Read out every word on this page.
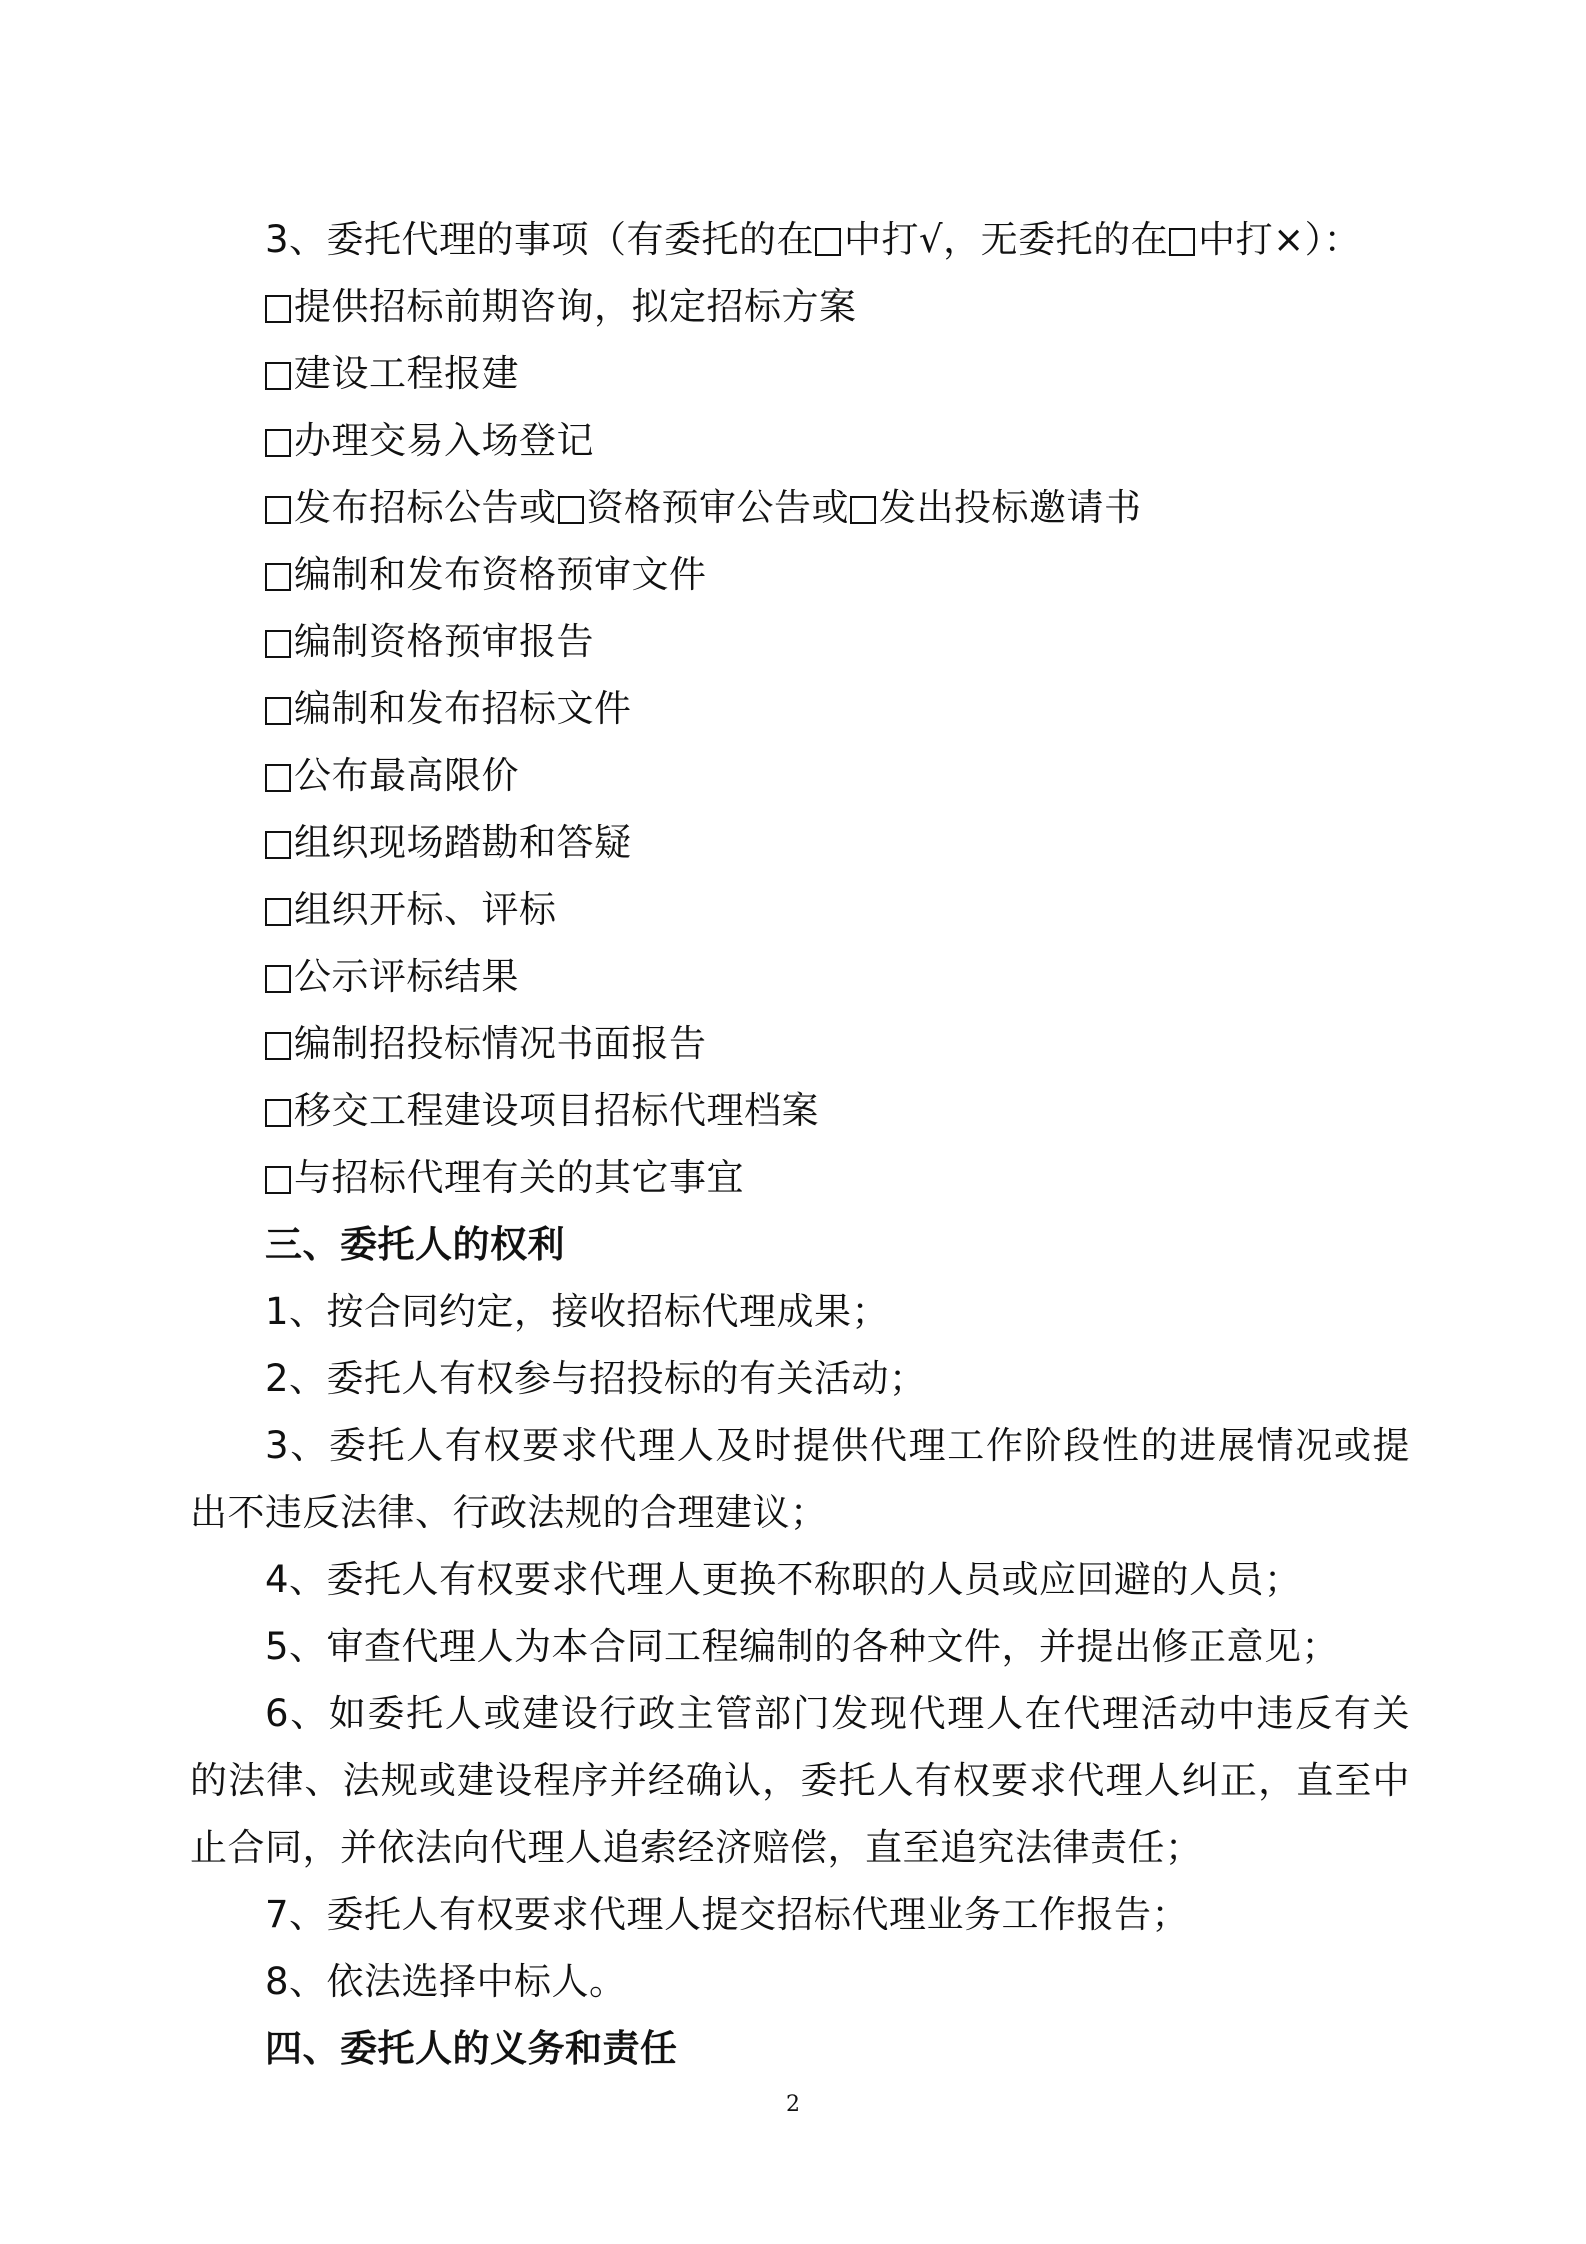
3、委托代理的事项（有委托的在 中打√，无委托的在 中打×）：
提供招标前期咨询，拟定招标方案
建设工程报建
办理交易入场登记
发布招标公告或 资格预审公告或 发出投标邀请书
编制和发布资格预审文件
编制资格预审报告
编制和发布招标文件
公布最高限价
组织现场踏勘和答疑
组织开标、评标
公示评标结果
编制招投标情况书面报告
移交工程建设项目招标代理档案
与招标代理有关的其它事宜
三、委托人的权利
1、按合同约定，接收招标代理成果；
2、委托人有权参与招投标的有关活动；
3、委托人有权要求代理人及时提供代理工作阶段性的进展情况或提出不违反法律、行政法规的合理建议；
4、委托人有权要求代理人更换不称职的人员或应回避的人员；
5、审查代理人为本合同工程编制的各种文件，并提出修正意见；
6、如委托人或建设行政主管部门发现代理人在代理活动中违反有关的法律、法规或建设程序并经确认，委托人有权要求代理人纠正，直至中止合同，并依法向代理人追索经济赔偿，直至追究法律责任；
7、委托人有权要求代理人提交招标代理业务工作报告；
8、依法选择中标人。
四、委托人的义务和责任
2
